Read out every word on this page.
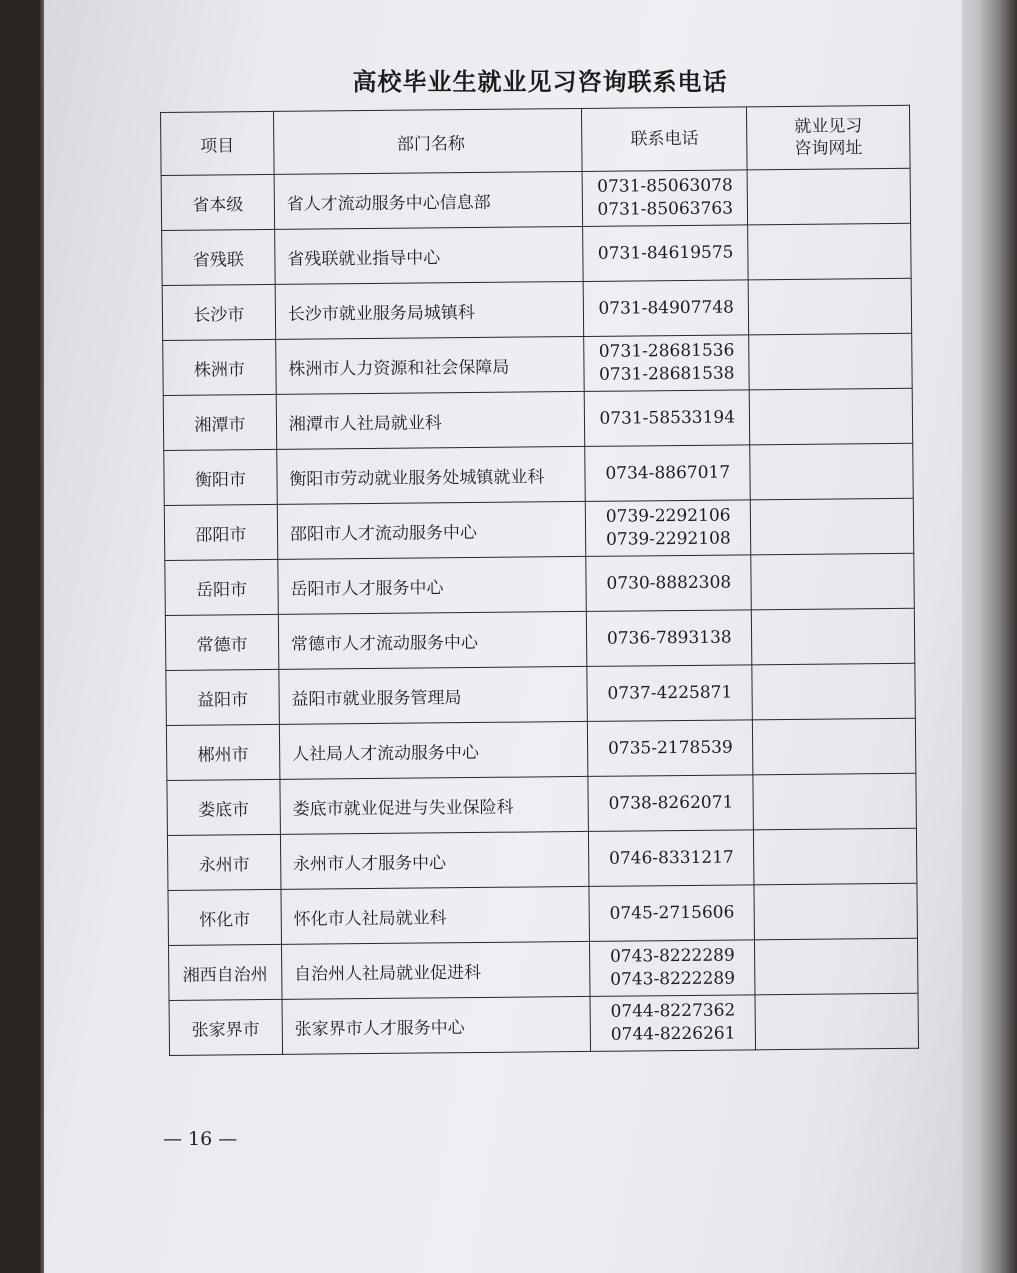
高校毕业生就业见习咨询联系电话
项目	部门名称	联系电话	就业见习
咨询网址

省本级	省人才流动服务中心信息部	0731-85063078
0731-85063763	

省残联	省残联就业指导中心	0731-84619575	

长沙市	长沙市就业服务局城镇科	0731-84907748	

株洲市	株洲市人力资源和社会保障局	0731-28681536
0731-28681538	

湘潭市	湘潭市人社局就业科	0731-58533194	

衡阳市	衡阳市劳动就业服务处城镇就业科	0734-8867017	

邵阳市	邵阳市人才流动服务中心	0739-2292106
0739-2292108	

岳阳市	岳阳市人才服务中心	0730-8882308	

常德市	常德市人才流动服务中心	0736-7893138	

益阳市	益阳市就业服务管理局	0737-4225871	

郴州市	人社局人才流动服务中心	0735-2178539	

娄底市	娄底市就业促进与失业保险科	0738-8262071	

永州市	永州市人才服务中心	0746-8331217	

怀化市	怀化市人社局就业科	0745-2715606	

湘西自治州	自治州人社局就业促进科	0743-8222289
0743-8222289	

张家界市	张家界市人才服务中心	0744-8227362
0744-8226261	

— 16 —
